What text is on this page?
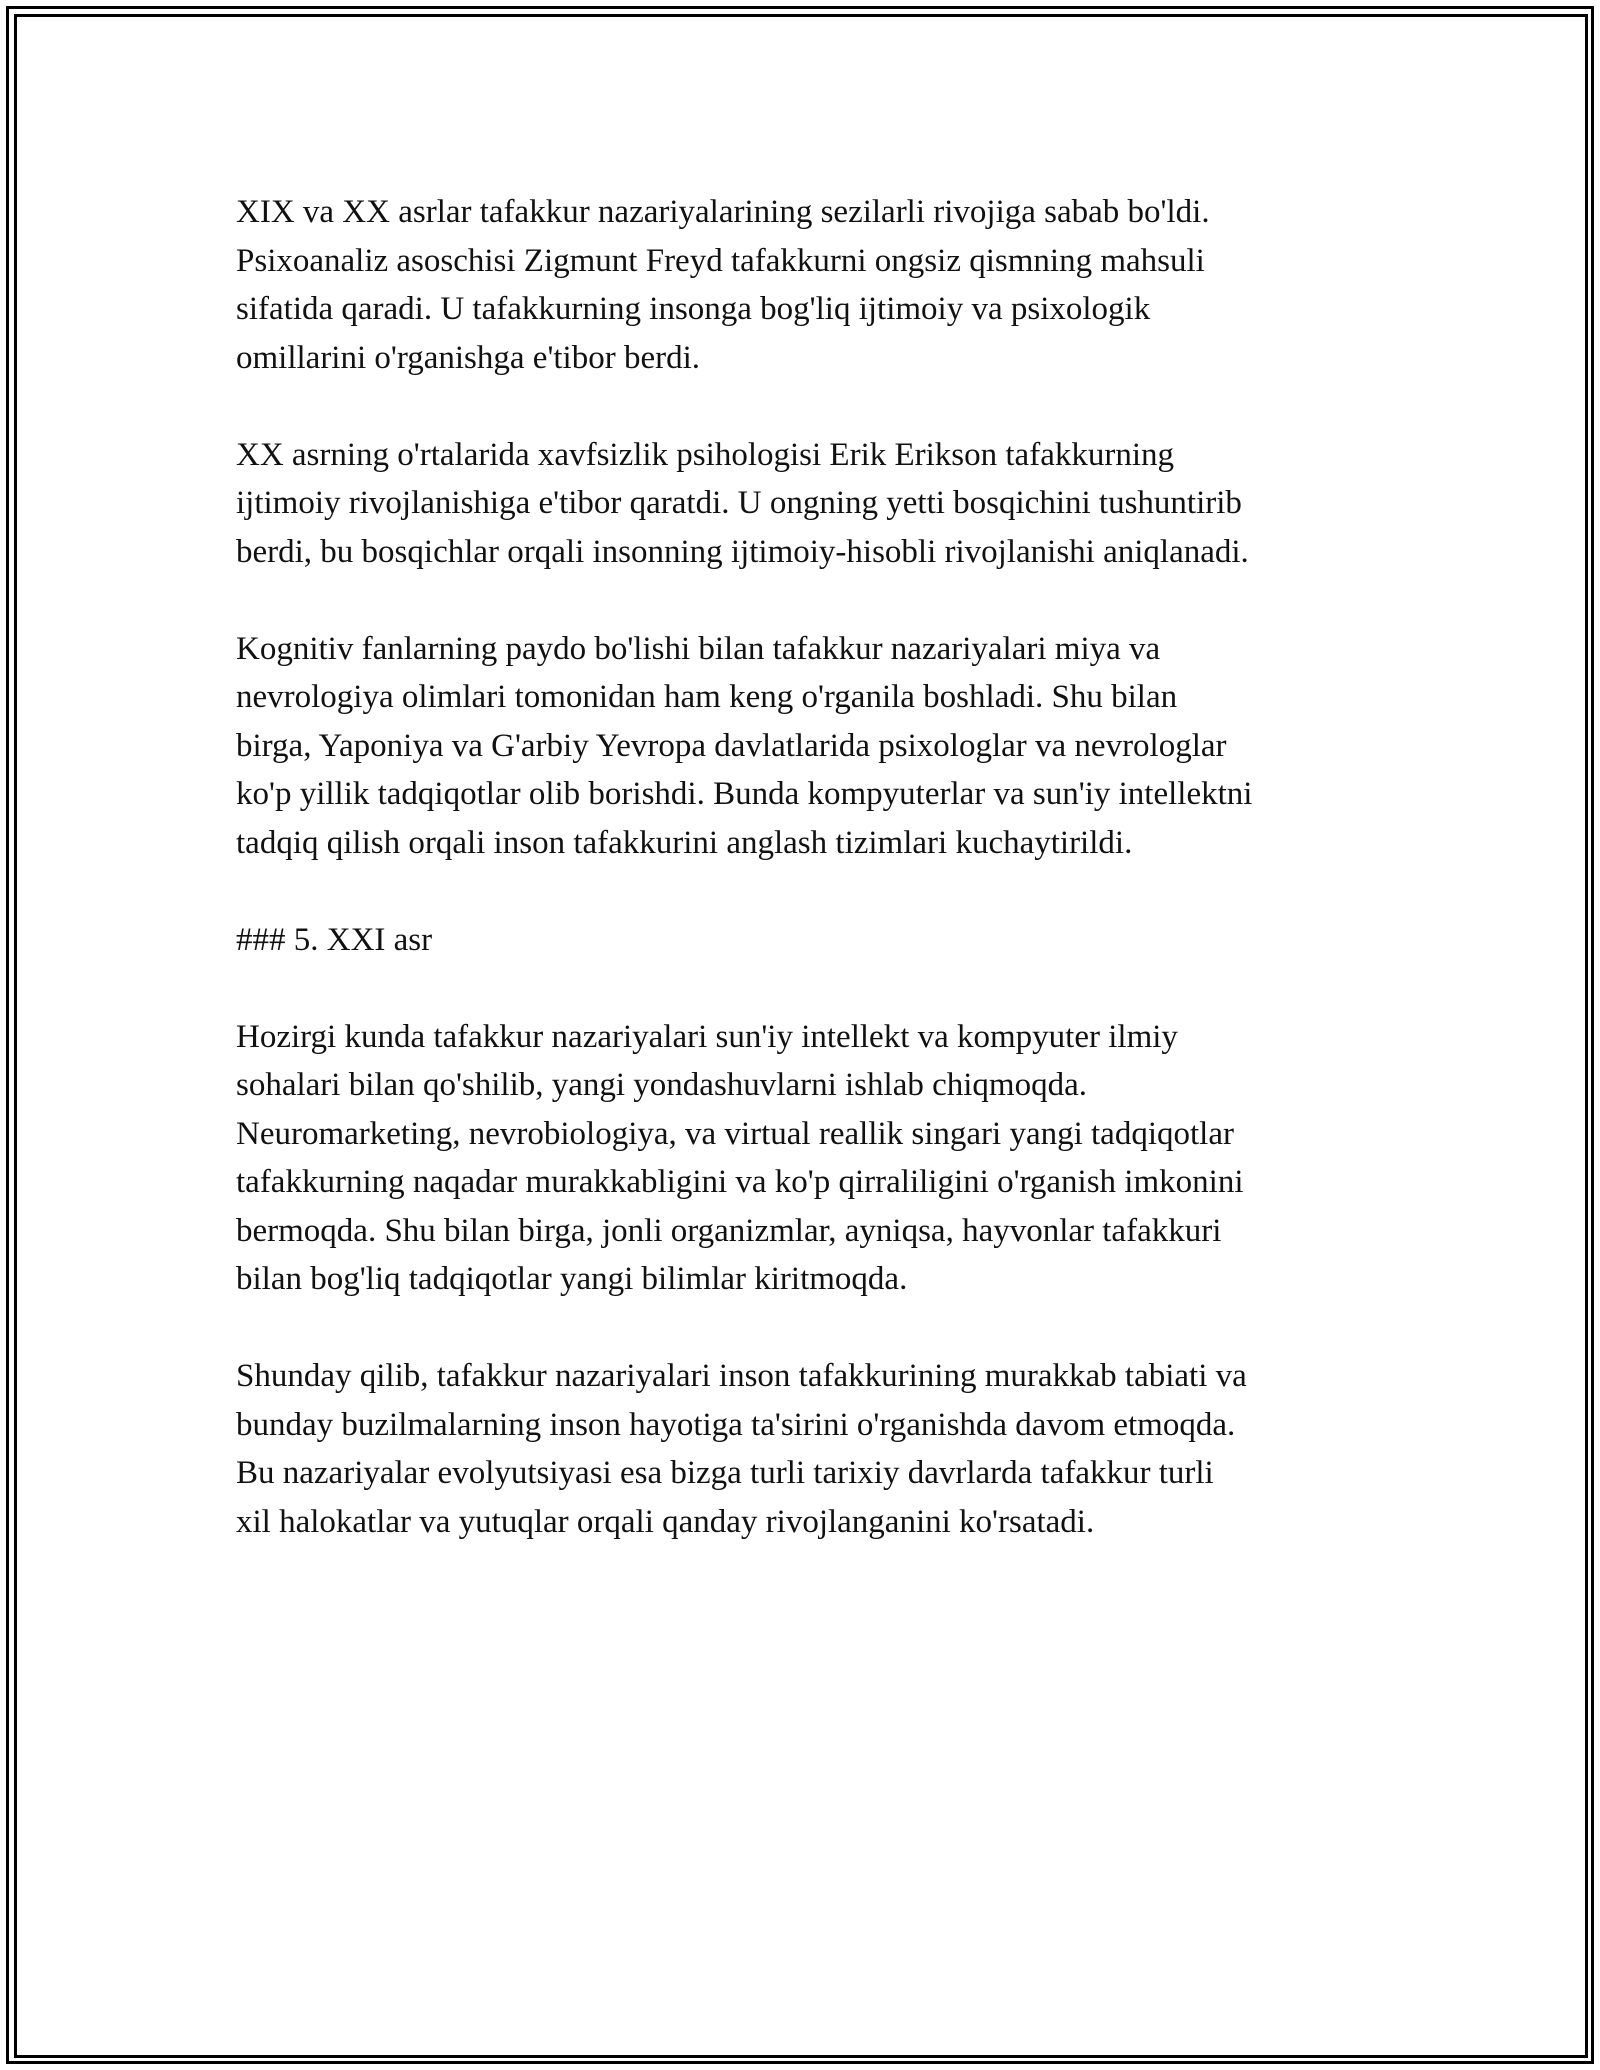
XIX va XX asrlar tafakkur nazariyalarining sezilarli rivojiga sabab bo'ldi.
Psixoanaliz asoschisi Zigmunt Freyd tafakkurni ongsiz qismning mahsuli
sifatida qaradi. U tafakkurning insonga bog'liq ijtimoiy va psixologik
omillarini o'rganishga e'tibor berdi.
XX asrning o'rtalarida xavfsizlik psihologisi Erik Erikson tafakkurning
ijtimoiy rivojlanishiga e'tibor qaratdi. U ongning yetti bosqichini tushuntirib
berdi, bu bosqichlar orqali insonning ijtimoiy-hisobli rivojlanishi aniqlanadi.
Kognitiv fanlarning paydo bo'lishi bilan tafakkur nazariyalari miya va
nevrologiya olimlari tomonidan ham keng o'rganila boshladi. Shu bilan
birga, Yaponiya va G'arbiy Yevropa davlatlarida psixologlar va nevrologlar
ko'p yillik tadqiqotlar olib borishdi. Bunda kompyuterlar va sun'iy intellektni
tadqiq qilish orqali inson tafakkurini anglash tizimlari kuchaytirildi.
### 5. XXI asr
Hozirgi kunda tafakkur nazariyalari sun'iy intellekt va kompyuter ilmiy
sohalari bilan qo'shilib, yangi yondashuvlarni ishlab chiqmoqda.
Neuromarketing, nevrobiologiya, va virtual reallik singari yangi tadqiqotlar
tafakkurning naqadar murakkabligini va ko'p qirraliligini o'rganish imkonini
bermoqda. Shu bilan birga, jonli organizmlar, ayniqsa, hayvonlar tafakkuri
bilan bog'liq tadqiqotlar yangi bilimlar kiritmoqda.
Shunday qilib, tafakkur nazariyalari inson tafakkurining murakkab tabiati va
bunday buzilmalarning inson hayotiga ta'sirini o'rganishda davom etmoqda.
Bu nazariyalar evolyutsiyasi esa bizga turli tarixiy davrlarda tafakkur turli
xil halokatlar va yutuqlar orqali qanday rivojlanganini ko'rsatadi.
